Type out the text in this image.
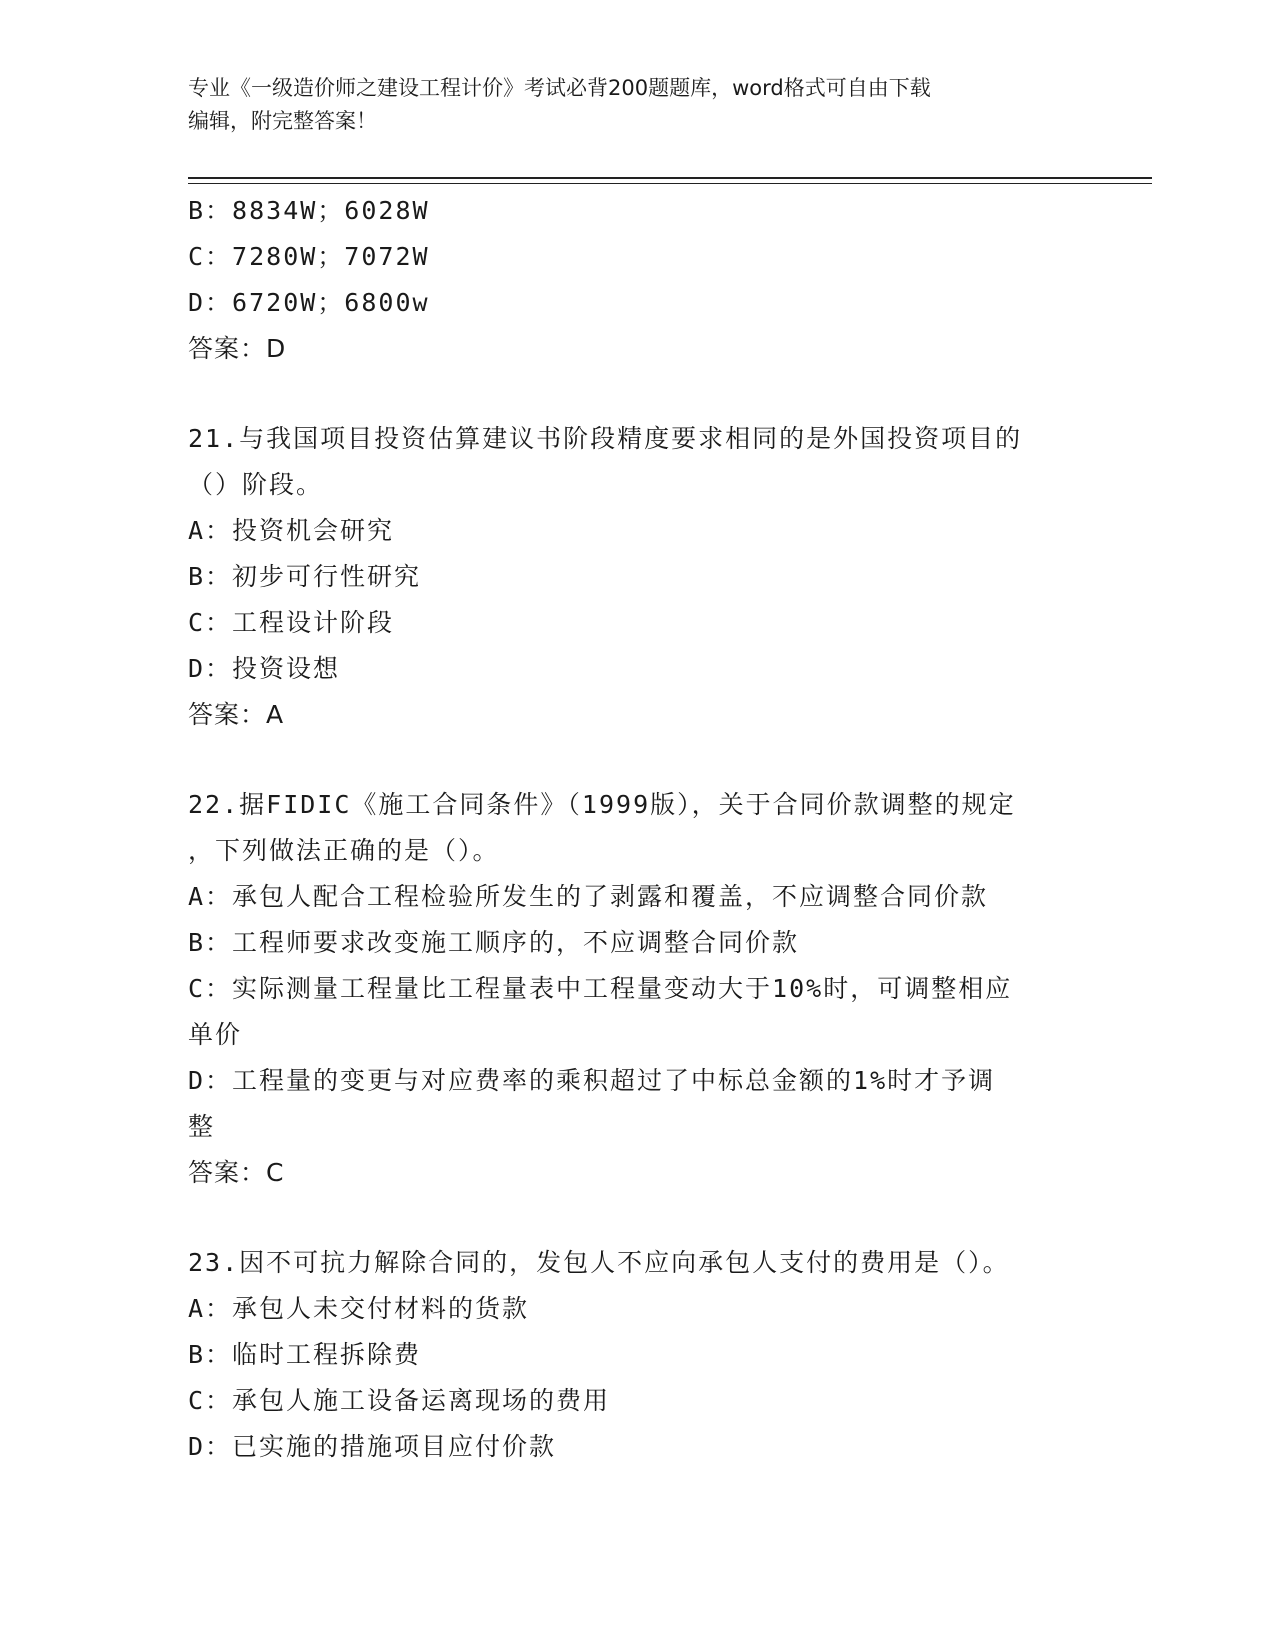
专业《一级造价师之建设工程计价》考试必背200题题库，word格式可自由下载
编辑，附完整答案！
B：8834W；6028W
C：7280W；7072W
D：6720W；6800w
答案：D
21.与我国项目投资估算建议书阶段精度要求相同的是外国投资项目的
（）阶段。
A：投资机会研究
B：初步可行性研究
C：工程设计阶段
D：投资设想
答案：A
22.据FIDIC《施工合同条件》（1999版），关于合同价款调整的规定
，下列做法正确的是（）。
A：承包人配合工程检验所发生的了剥露和覆盖，不应调整合同价款
B：工程师要求改变施工顺序的，不应调整合同价款
C：实际测量工程量比工程量表中工程量变动大于10%时，可调整相应
单价
D：工程量的变更与对应费率的乘积超过了中标总金额的1%时才予调
整
答案：C
23.因不可抗力解除合同的，发包人不应向承包人支付的费用是（）。
A：承包人未交付材料的货款
B：临时工程拆除费
C：承包人施工设备运离现场的费用
D：已实施的措施项目应付价款
